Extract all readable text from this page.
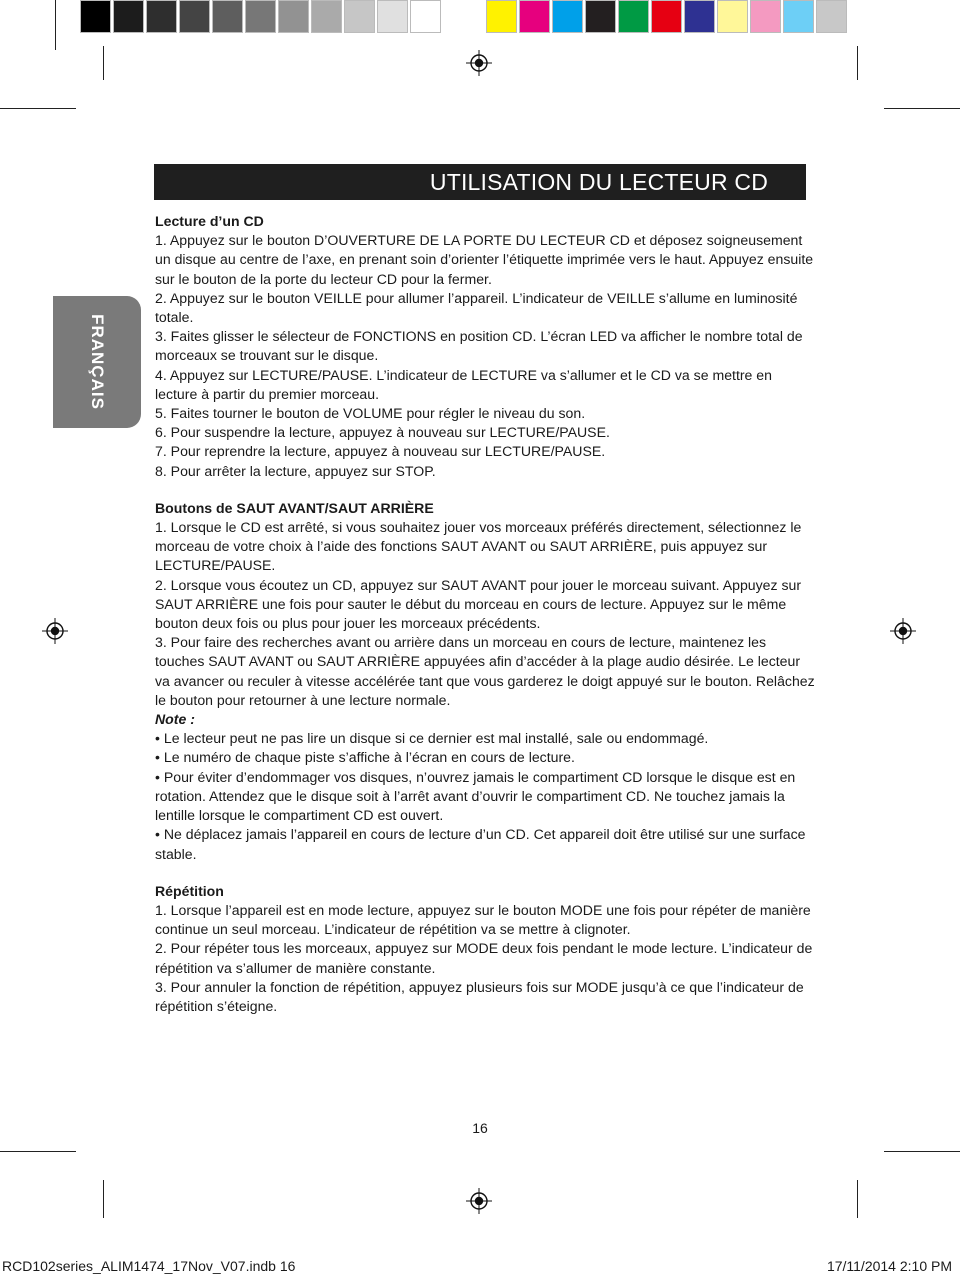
FRANÇAIS
UTILISATION DU LECTEUR CD
Lecture d’un CD

1. Appuyez sur le bouton D’OUVERTURE DE LA PORTE DU LECTEUR CD et déposez soigneusement un disque au centre de l’axe, en prenant soin d’orienter l’étiquette imprimée vers le haut. Appuyez ensuite sur le bouton de la porte du lecteur CD pour la fermer.

2. Appuyez sur le bouton VEILLE pour allumer l’appareil. L’indicateur de VEILLE s’allume en luminosité totale.

3. Faites glisser le sélecteur de FONCTIONS en position CD. L’écran LED va afficher le nombre total de morceaux se trouvant sur le disque.

4. Appuyez sur LECTURE/PAUSE. L’indicateur de LECTURE va s’allumer et le CD va se mettre en lecture à partir du premier morceau.

5. Faites tourner le bouton de VOLUME pour régler le niveau du son.

6. Pour suspendre la lecture, appuyez à nouveau sur LECTURE/PAUSE.

7. Pour reprendre la lecture, appuyez à nouveau sur LECTURE/PAUSE.

8. Pour arrêter la lecture, appuyez sur STOP.

Boutons de SAUT AVANT/SAUT ARRIÈRE

1. Lorsque le CD est arrêté, si vous souhaitez jouer vos morceaux préférés directement, sélectionnez le morceau de votre choix à l’aide des fonctions SAUT AVANT ou SAUT ARRIÈRE, puis appuyez sur LECTURE/PAUSE.

2. Lorsque vous écoutez un CD, appuyez sur SAUT AVANT pour jouer le morceau suivant. Appuyez sur SAUT ARRIÈRE une fois pour sauter le début du morceau en cours de lecture. Appuyez sur le même bouton deux fois ou plus pour jouer les morceaux précédents.

3. Pour faire des recherches avant ou arrière dans un morceau en cours de lecture, maintenez les touches SAUT AVANT ou SAUT ARRIÈRE appuyées afin d’accéder à la plage audio désirée. Le lecteur va avancer ou reculer à vitesse accélérée tant que vous garderez le doigt appuyé sur le bouton. Relâchez le bouton pour retourner à une lecture normale.

Note :

• Le lecteur peut ne pas lire un disque si ce dernier est mal installé, sale ou endommagé.

• Le numéro de chaque piste s’affiche à l’écran en cours de lecture.

• Pour éviter d’endommager vos disques, n’ouvrez jamais le compartiment CD lorsque le disque est en rotation. Attendez que le disque soit à l’arrêt avant d’ouvrir le compartiment CD. Ne touchez jamais la lentille lorsque le compartiment CD est ouvert.

• Ne déplacez jamais l’appareil en cours de lecture d’un CD. Cet appareil doit être utilisé sur une surface stable.

Répétition

1. Lorsque l’appareil est en mode lecture, appuyez sur le bouton MODE une fois pour répéter de manière continue un seul morceau. L’indicateur de répétition va se mettre à clignoter.

2. Pour répéter tous les morceaux, appuyez sur MODE deux fois pendant le mode lecture. L’indicateur de répétition va s’allumer de manière constante.

3. Pour annuler la fonction de répétition, appuyez plusieurs fois sur MODE jusqu’à ce que l’indicateur de répétition s’éteigne.

16
RCD102series_ALIM1474_17Nov_V07.indb 16	17/11/2014 2:10 PM
